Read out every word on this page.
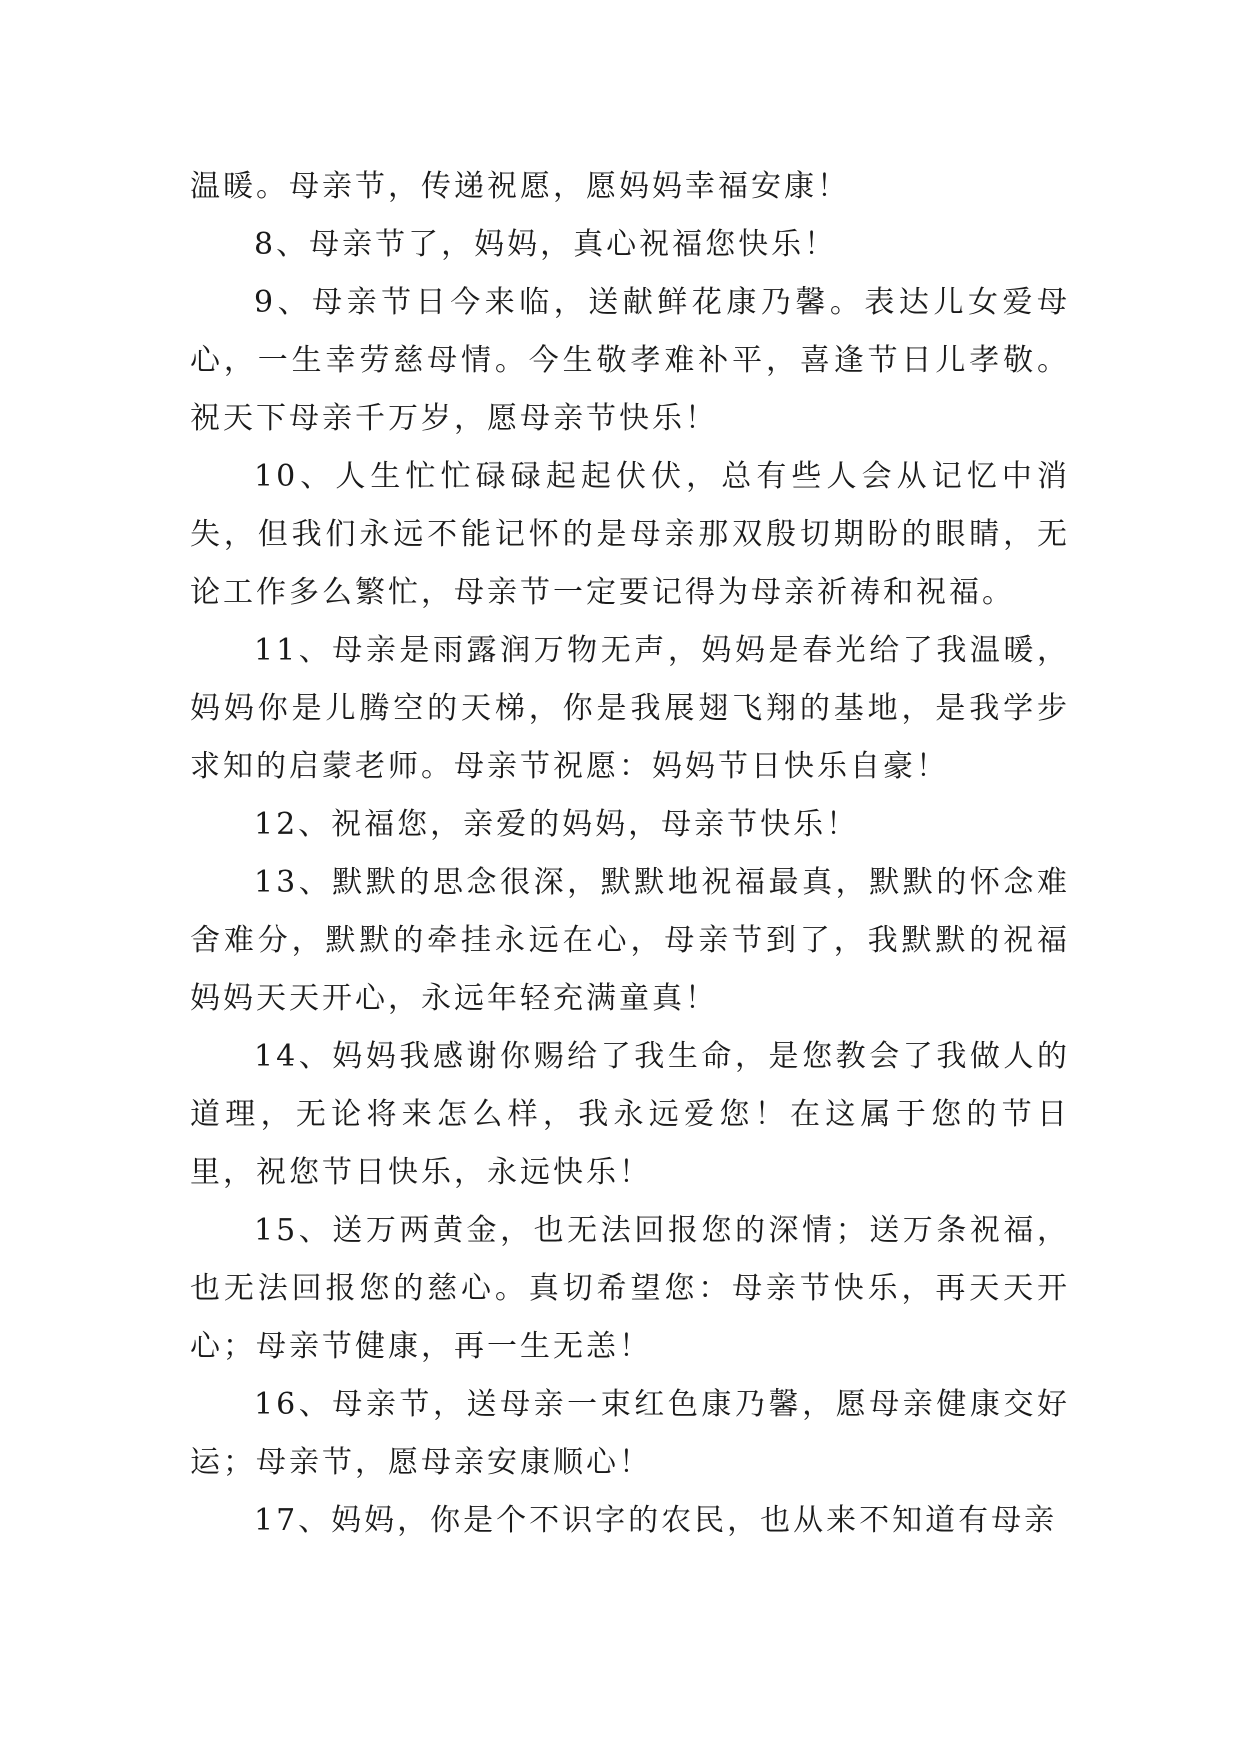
温暖。母亲节，传递祝愿，愿妈妈幸福安康！

8、母亲节了，妈妈，真心祝福您快乐！

9、母亲节日今来临，送献鲜花康乃馨。表达儿女爱母心，一生幸劳慈母情。今生敬孝难补平，喜逢节日儿孝敬。祝天下母亲千万岁，愿母亲节快乐！

10、人生忙忙碌碌起起伏伏，总有些人会从记忆中消失，但我们永远不能记怀的是母亲那双殷切期盼的眼睛，无论工作多么繁忙，母亲节一定要记得为母亲祈祷和祝福。

11、母亲是雨露润万物无声，妈妈是春光给了我温暖，妈妈你是儿腾空的天梯，你是我展翅飞翔的基地，是我学步求知的启蒙老师。母亲节祝愿：妈妈节日快乐自豪！

12、祝福您，亲爱的妈妈，母亲节快乐！

13、默默的思念很深，默默地祝福最真，默默的怀念难舍难分，默默的牵挂永远在心，母亲节到了，我默默的祝福妈妈天天开心，永远年轻充满童真！

14、妈妈我感谢你赐给了我生命，是您教会了我做人的道理，无论将来怎么样，我永远爱您！在这属于您的节日里，祝您节日快乐，永远快乐！

15、送万两黄金，也无法回报您的深情；送万条祝福，也无法回报您的慈心。真切希望您：母亲节快乐，再天天开心；母亲节健康，再一生无恙！

16、母亲节，送母亲一束红色康乃馨，愿母亲健康交好运；母亲节，愿母亲安康顺心！

17、妈妈，你是个不识字的农民，也从来不知道有母亲
